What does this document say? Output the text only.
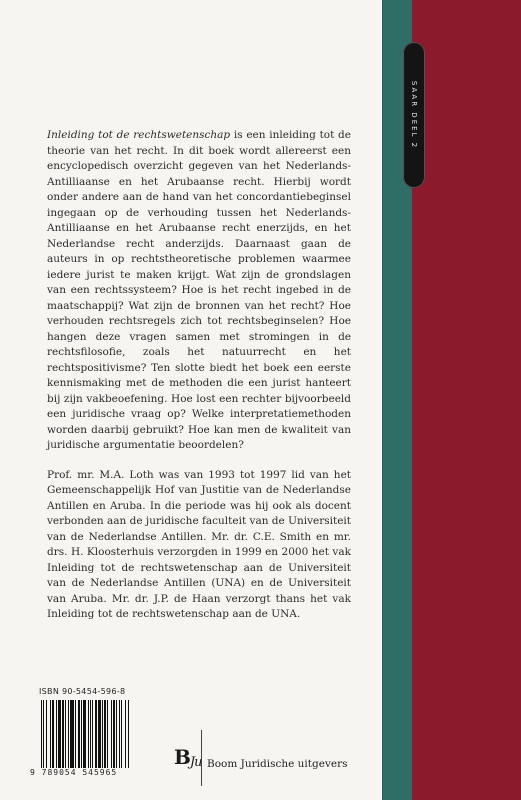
SAAR DEEL 2

Inleiding tot de rechtswetenschap is een inleiding tot de theorie van het recht. In dit boek wordt allereerst een encyclopedisch overzicht gegeven van het Nederlands-Antilliaanse en het Arubaanse recht. Hierbij wordt onder andere aan de hand van het concordantiebeginsel ingegaan op de verhouding tussen het Nederlands-Antilliaanse en het Arubaanse recht enerzijds, en het Nederlandse recht anderzijds. Daarnaast gaan de auteurs in op rechtstheoretische problemen waarmee iedere jurist te maken krijgt. Wat zijn de grondslagen van een rechtssysteem? Hoe is het recht ingebed in de maatschappij? Wat zijn de bronnen van het recht? Hoe verhouden rechtsregels zich tot rechtsbeginselen? Hoe hangen deze vragen samen met stromingen in de rechtsfilosofie, zoals het natuurrecht en het rechtspositivisme? Ten slotte biedt het boek een eerste kennismaking met de methoden die een jurist hanteert bij zijn vakbeoefening. Hoe lost een rechter bijvoorbeeld een juridische vraag op? Welke interpretatiemethoden worden daarbij gebruikt? Hoe kan men de kwaliteit van juridische argumentatie beoordelen?

Prof. mr. M.A. Loth was van 1993 tot 1997 lid van het Gemeenschappelijk Hof van Justitie van de Nederlandse Antillen en Aruba. In die periode was hij ook als docent verbonden aan de juridische faculteit van de Universiteit van de Nederlandse Antillen. Mr. dr. C.E. Smith en mr. drs. H. Kloosterhuis verzorgden in 1999 en 2000 het vak Inleiding tot de rechtswetenschap aan de Universiteit van de Nederlandse Antillen (UNA) en de Universiteit van Aruba. Mr. dr. J.P. de Haan verzorgt thans het vak Inleiding tot de rechtswetenschap aan de UNA.

ISBN 90-5454-596-8
9 789054 545965
$B_{Ju}$ Boom Juridische uitgevers
